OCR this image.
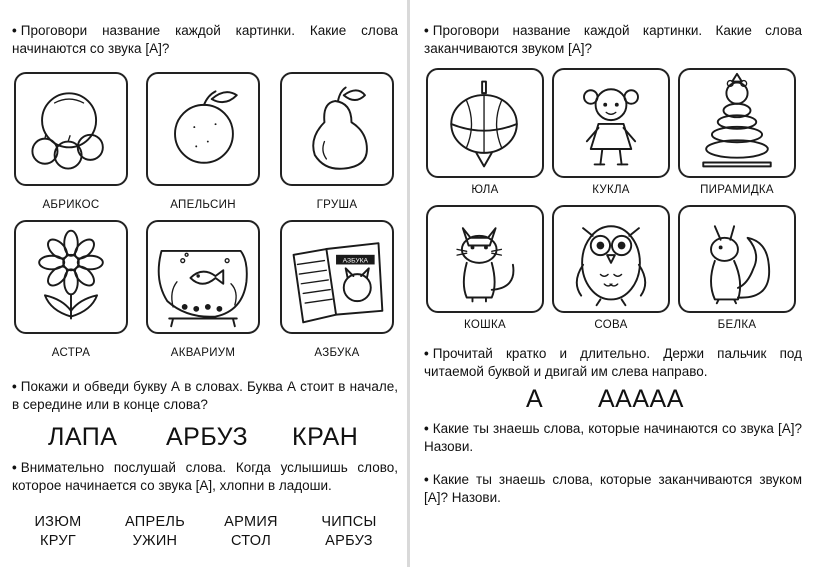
• Проговори название каждой картинки. Какие слова начинаются со звука [А]?
АБРИКОС	АПЕЛЬСИН	ГРУША
АЗБУКА
АСТРА	АКВАРИУМ	АЗБУКА
• Покажи и обведи букву А в словах. Буква А стоит в начале, в середине или в конце слова?
ЛАПА АРБУЗ КРАН
• Внимательно послушай слова. Когда услышишь слово, которое начинается со звука [А], хлопни в ладоши.
ИЗЮМ	АПРЕЛЬ	АРМИЯ	ЧИПСЫ
КРУГ	УЖИН	СТОЛ	АРБУЗ
• Проговори название каждой картинки. Какие слова заканчиваются звуком [А]?
ЮЛА	КУКЛА	ПИРАМИДКА
КОШКА	СОВА	БЕЛКА
• Прочитай кратко и длительно. Держи пальчик под читаемой буквой и двигай им слева направо.
А ААААА
• Какие ты знаешь слова, которые начинаются со звука [А]? Назови.
• Какие ты знаешь слова, которые заканчиваются звуком [А]? Назови.
